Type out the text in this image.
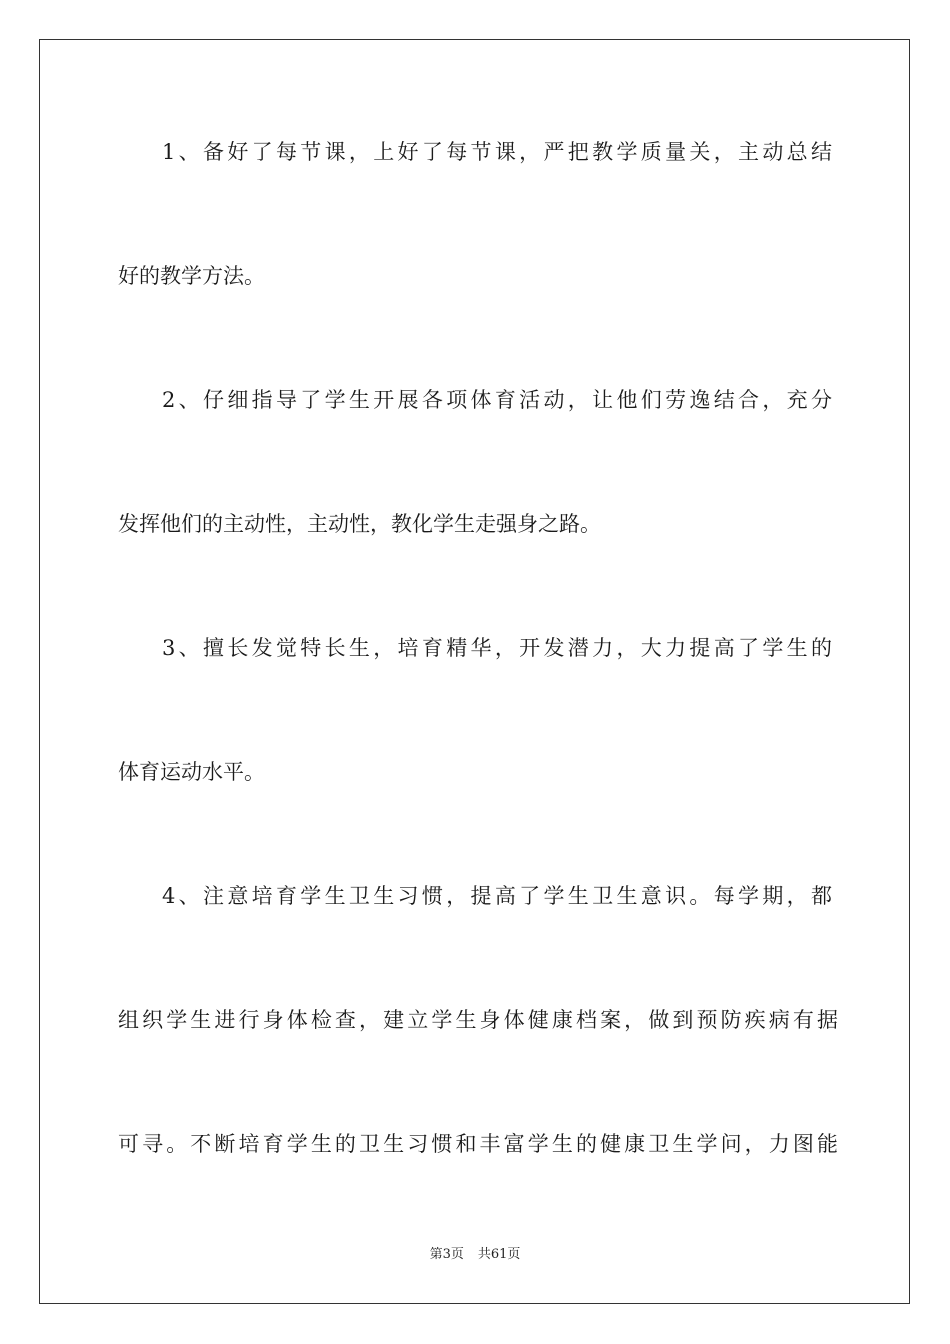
1、备好了每节课，上好了每节课，严把教学质量关，主动总结
好的教学方法。
2、仔细指导了学生开展各项体育活动，让他们劳逸结合，充分
发挥他们的主动性，主动性，教化学生走强身之路。
3、擅长发觉特长生，培育精华，开发潜力，大力提高了学生的
体育运动水平。
4、注意培育学生卫生习惯，提高了学生卫生意识。每学期，都
组织学生进行身体检查，建立学生身体健康档案，做到预防疾病有据
可寻。不断培育学生的卫生习惯和丰富学生的健康卫生学问，力图能
第3页 共61页
